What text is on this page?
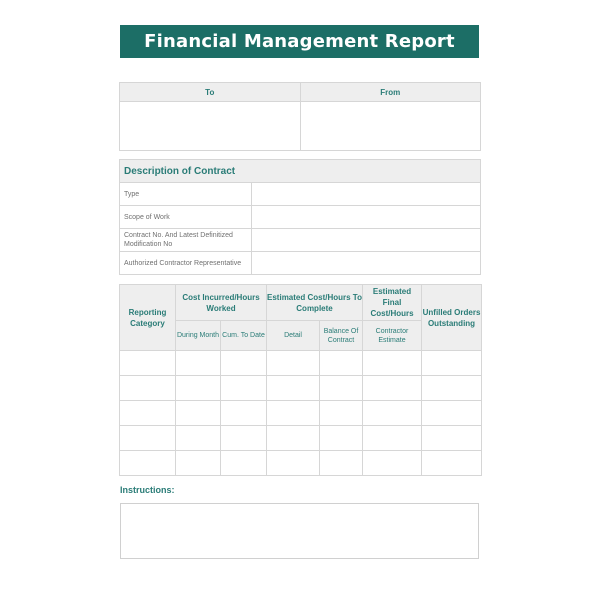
Financial Management Report
To	From

Description of Contract	
Type	
Scope of Work	
Contract No. And Latest Definitized Modification No	
Authorized Contractor Representative	
Reporting Category	Cost Incurred/Hours Worked		Estimated Cost/Hours To Complete		Estimated Final Cost/Hours	Unfilled Orders Outstanding
	During Month	Cum. To Date	Detail	Balance Of Contract	Contractor Estimate	

Instructions:
